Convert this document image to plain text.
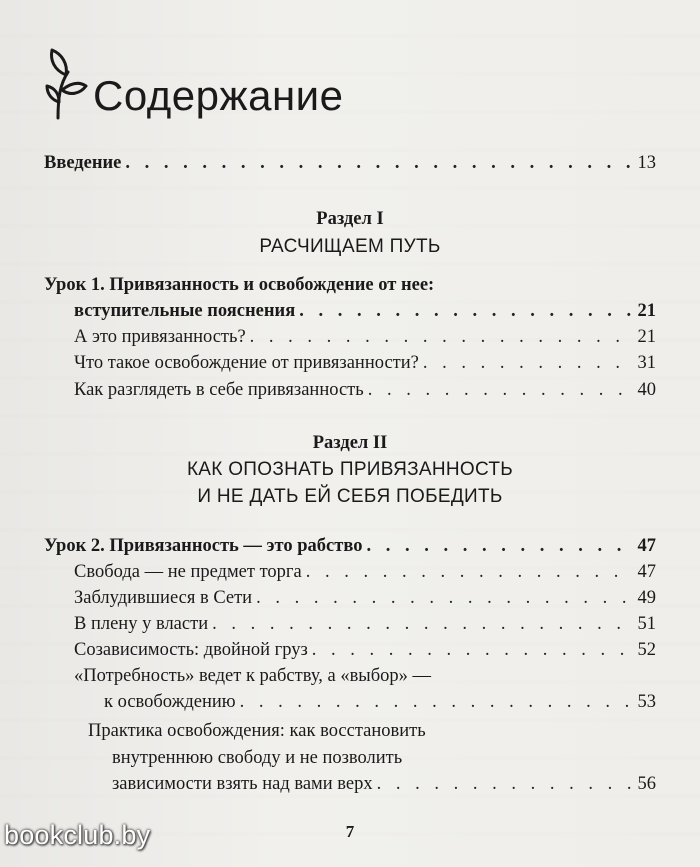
Содержание
Введение . . .	13
Раздел I
РАСЧИЩАЕМ ПУТЬ
Урок 1. Привязанность и освобождение от нее:
вступительные пояснения . . .	21
А это привязанность? . . .	21
Что такое освобождение от привязанности? . . .	31
Как разглядеть в себе привязанность . . .	40
Раздел II
КАК ОПОЗНАТЬ ПРИВЯЗАННОСТЬ
И НЕ ДАТЬ ЕЙ СЕБЯ ПОБЕДИТЬ
Урок 2. Привязанность — это рабство . . .	47
Свобода — не предмет торга . . .	47
Заблудившиеся в Сети . . .	49
В плену у власти . . .	51
Созависимость: двойной груз . . .	52
«Потребность» ведет к рабству, а «выбор» —
к освобождению . . .	53
Практика освобождения: как восстановить
внутреннюю свободу и не позволить
зависимости взять над вами верх . . .	56
7
bookclub.by
